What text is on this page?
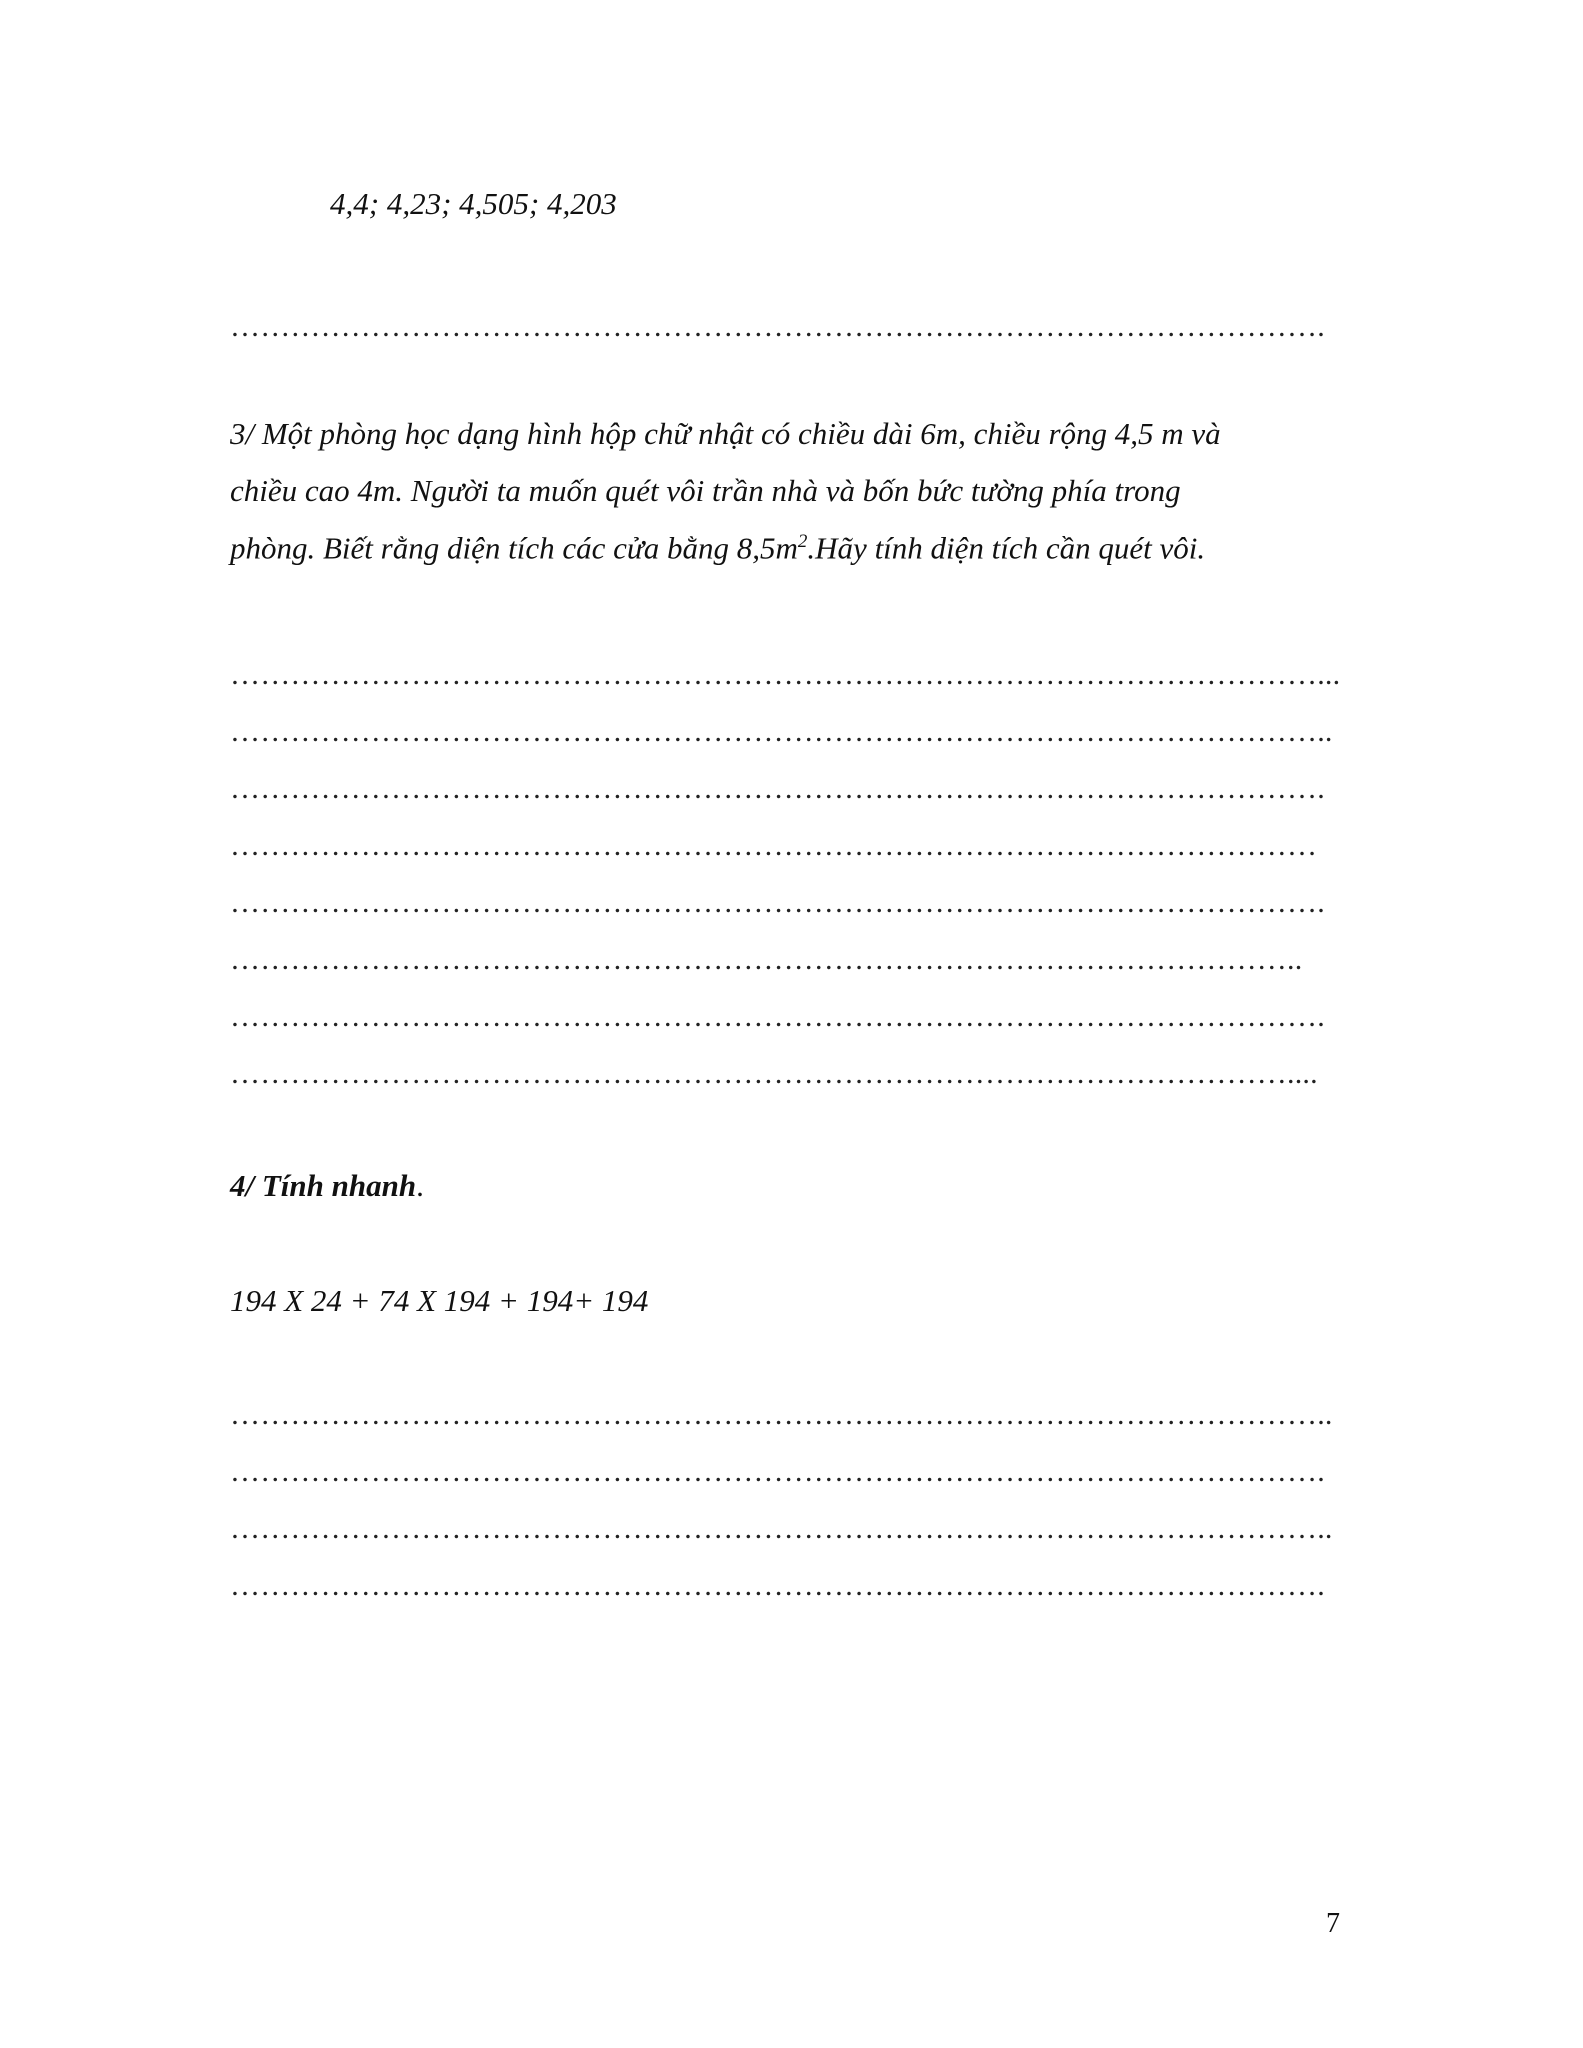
4,4; 4,23; 4,505; 4,203
……………………………………………………………………………………………….
3/ Một phòng học dạng hình hộp chữ nhật có chiều dài 6m, chiều rộng 4,5 m và
chiều cao 4m. Người ta muốn quét vôi trần nhà và bốn bức tường phía trong
phòng. Biết rằng diện tích các cửa bằng $8,5m^2.Hãy$ tính diện tích cần quét vôi.
………………………………………………………………………………………………...
………………………………………………………………………………………………..
……………………………………………………………………………………………….
………………………………………………………………………………………………
……………………………………………………………………………………………….
……………………………………………………………………………………………..
……………………………………………………………………………………………….
……………………………………………………………………………………………....
4/ Tính nhanh.
194 X 24 + 74 X 194 + 194+ 194
………………………………………………………………………………………………..
……………………………………………………………………………………………….
………………………………………………………………………………………………..
……………………………………………………………………………………………….
7
